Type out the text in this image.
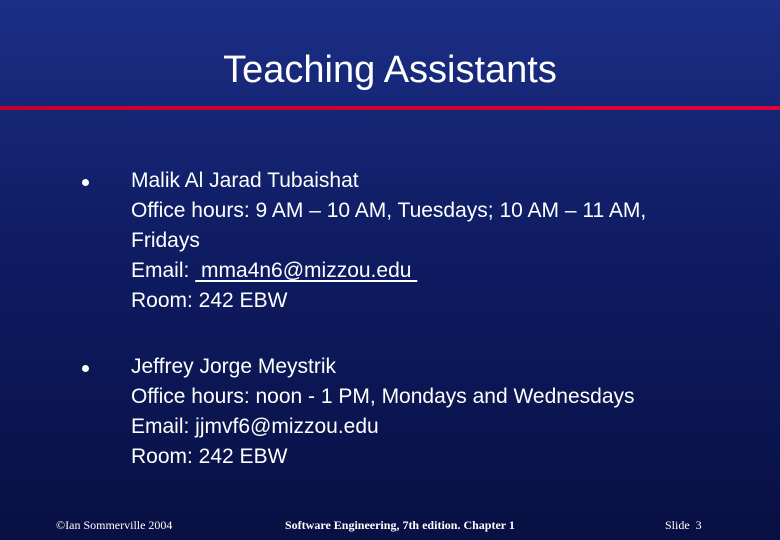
Teaching Assistants
Malik Al Jarad Tubaishat
Office hours: 9 AM – 10 AM, Tuesdays; 10 AM – 11 AM,
Fridays
Email:  mma4n6@mizzou.edu
Room: 242 EBW
Jeffrey Jorge Meystrik
Office hours: noon - 1 PM, Mondays and Wednesdays
Email: jjmvf6@mizzou.edu
Room: 242 EBW
©Ian Sommerville 2004	Software Engineering, 7th edition. Chapter 1	Slide  3
